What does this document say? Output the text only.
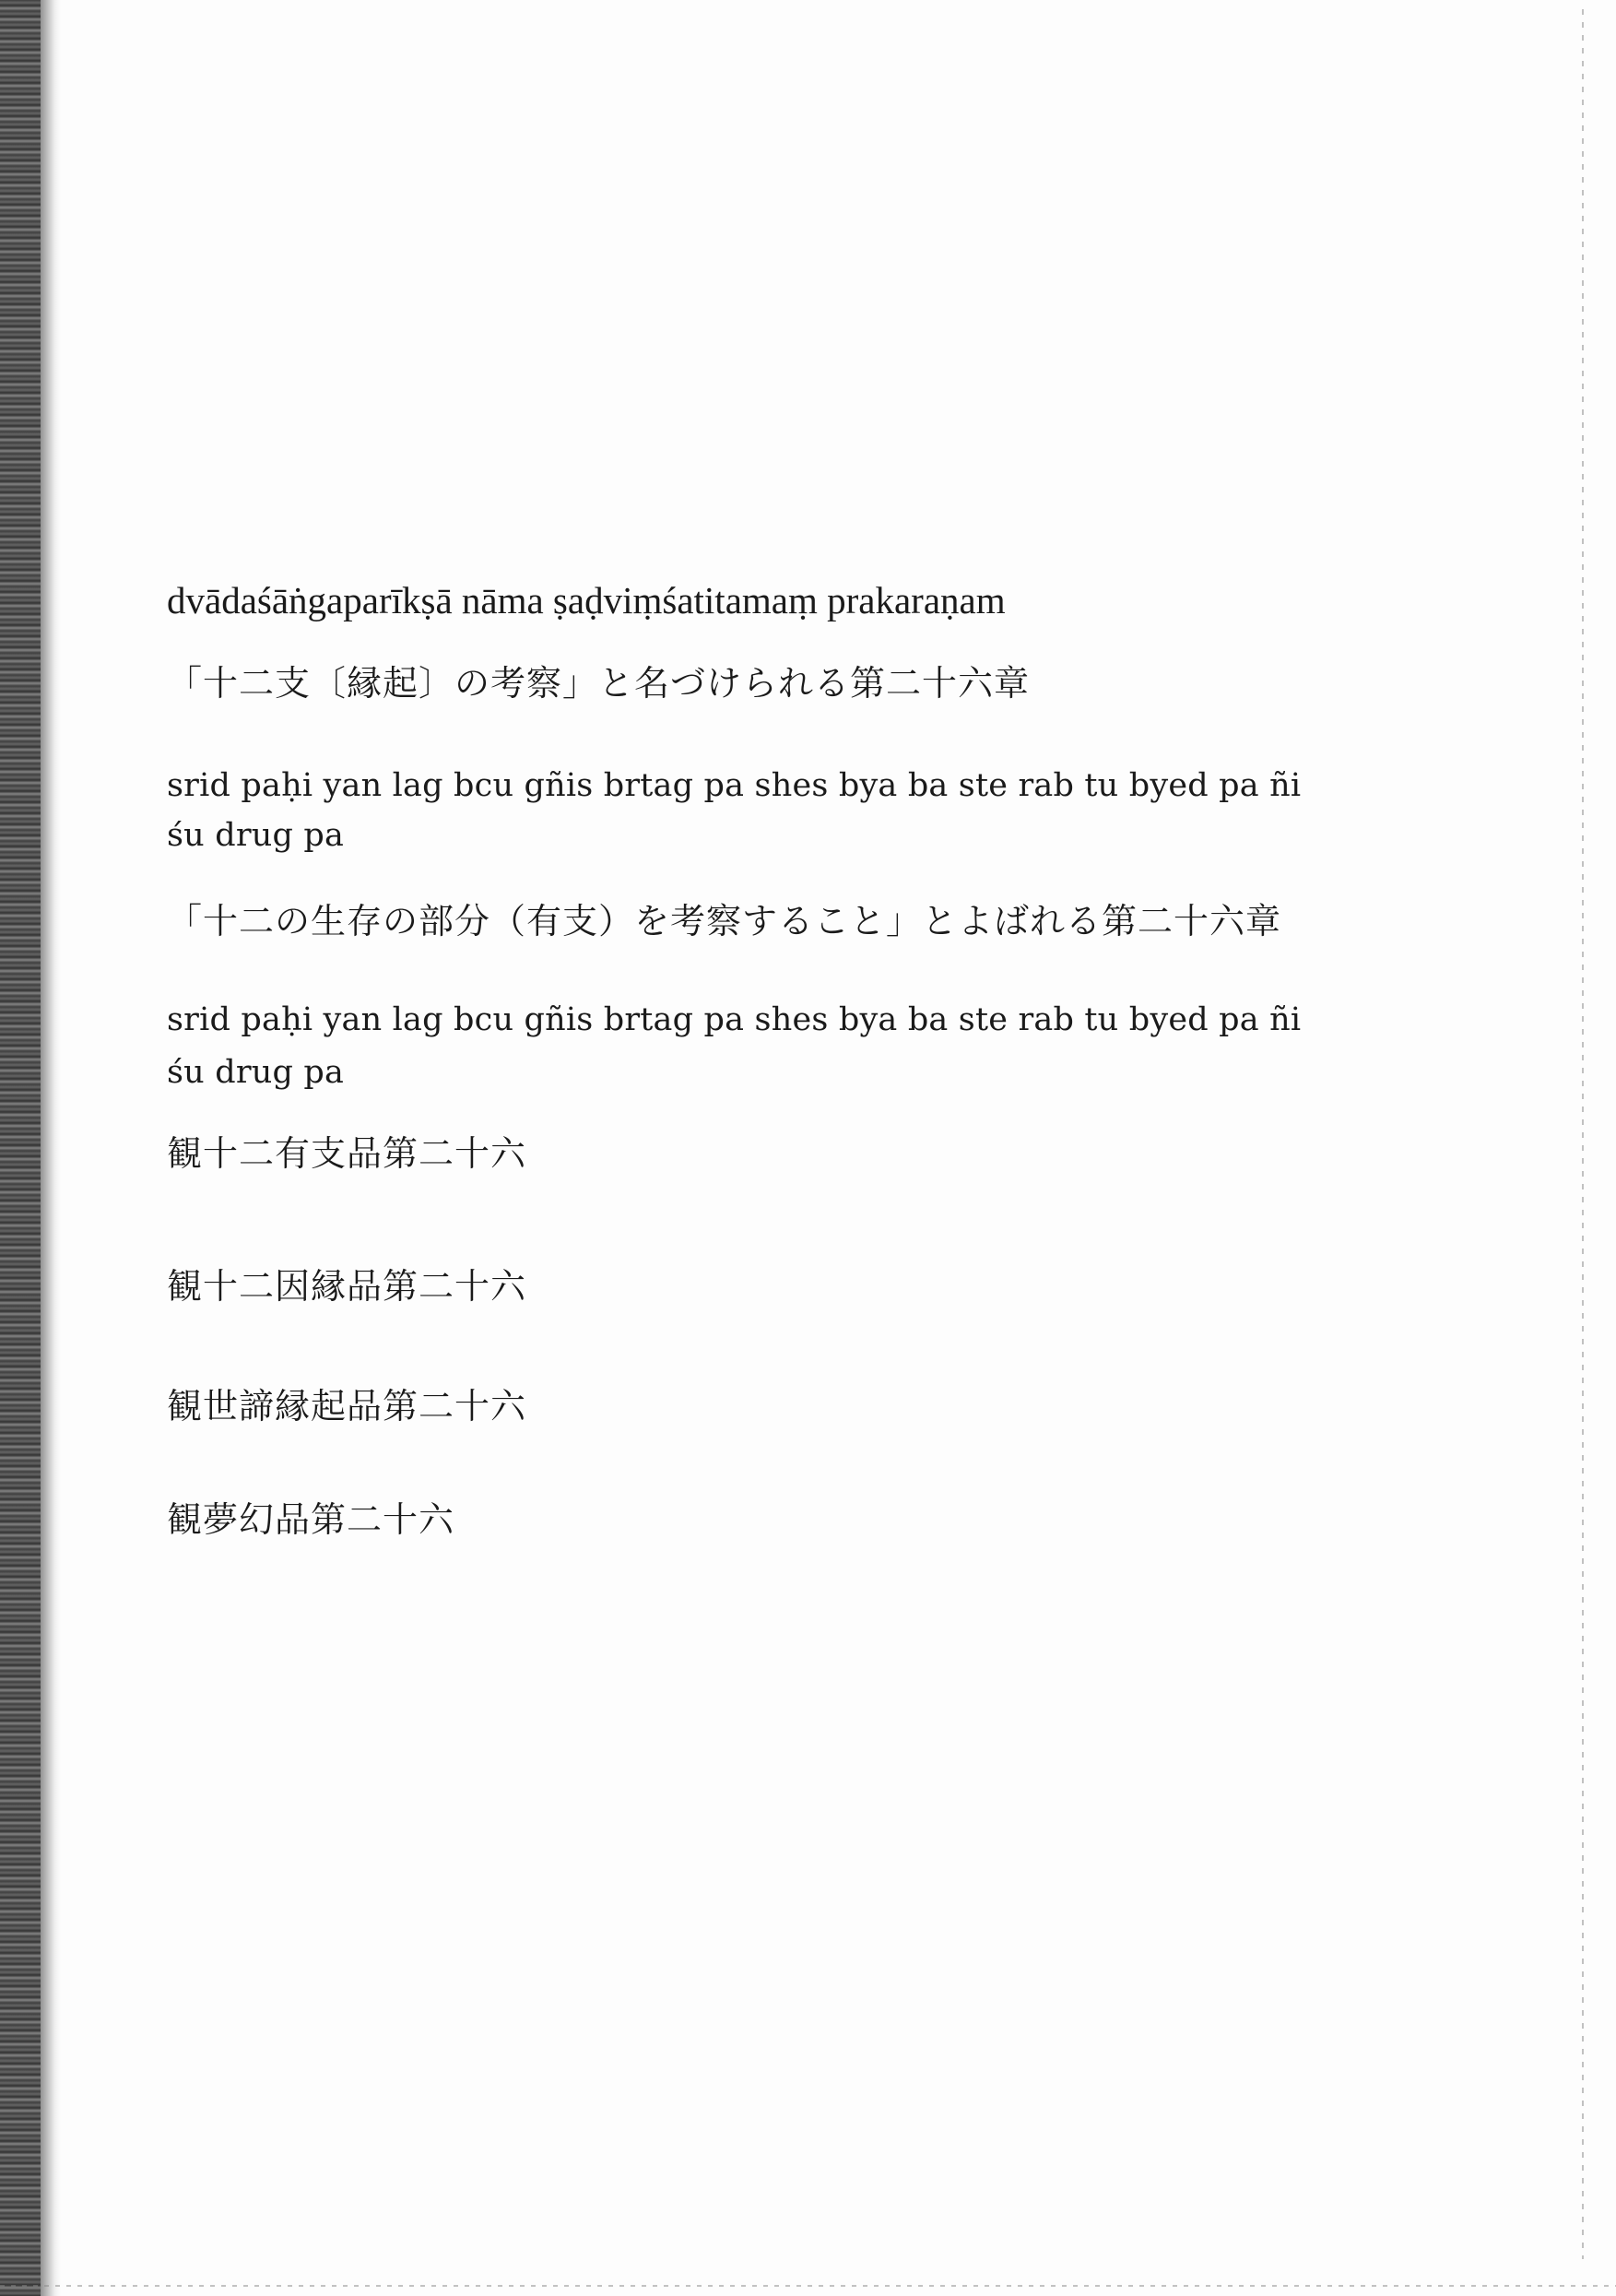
dvādaśāṅgaparīkṣā nāma ṣaḍviṃśatitamaṃ prakaraṇam

「十二支〔縁起〕の考察」と名づけられる第二十六章

srid paḥi yan lag bcu gñis brtag pa shes bya ba ste rab tu byed pa ñi

śu drug pa

「十二の生存の部分（有支）を考察すること」とよばれる第二十六章

srid paḥi yan lag bcu gñis brtag pa shes bya ba ste rab tu byed pa ñi

śu drug pa

観十二有支品第二十六

観十二因縁品第二十六

観世諦縁起品第二十六

観夢幻品第二十六
